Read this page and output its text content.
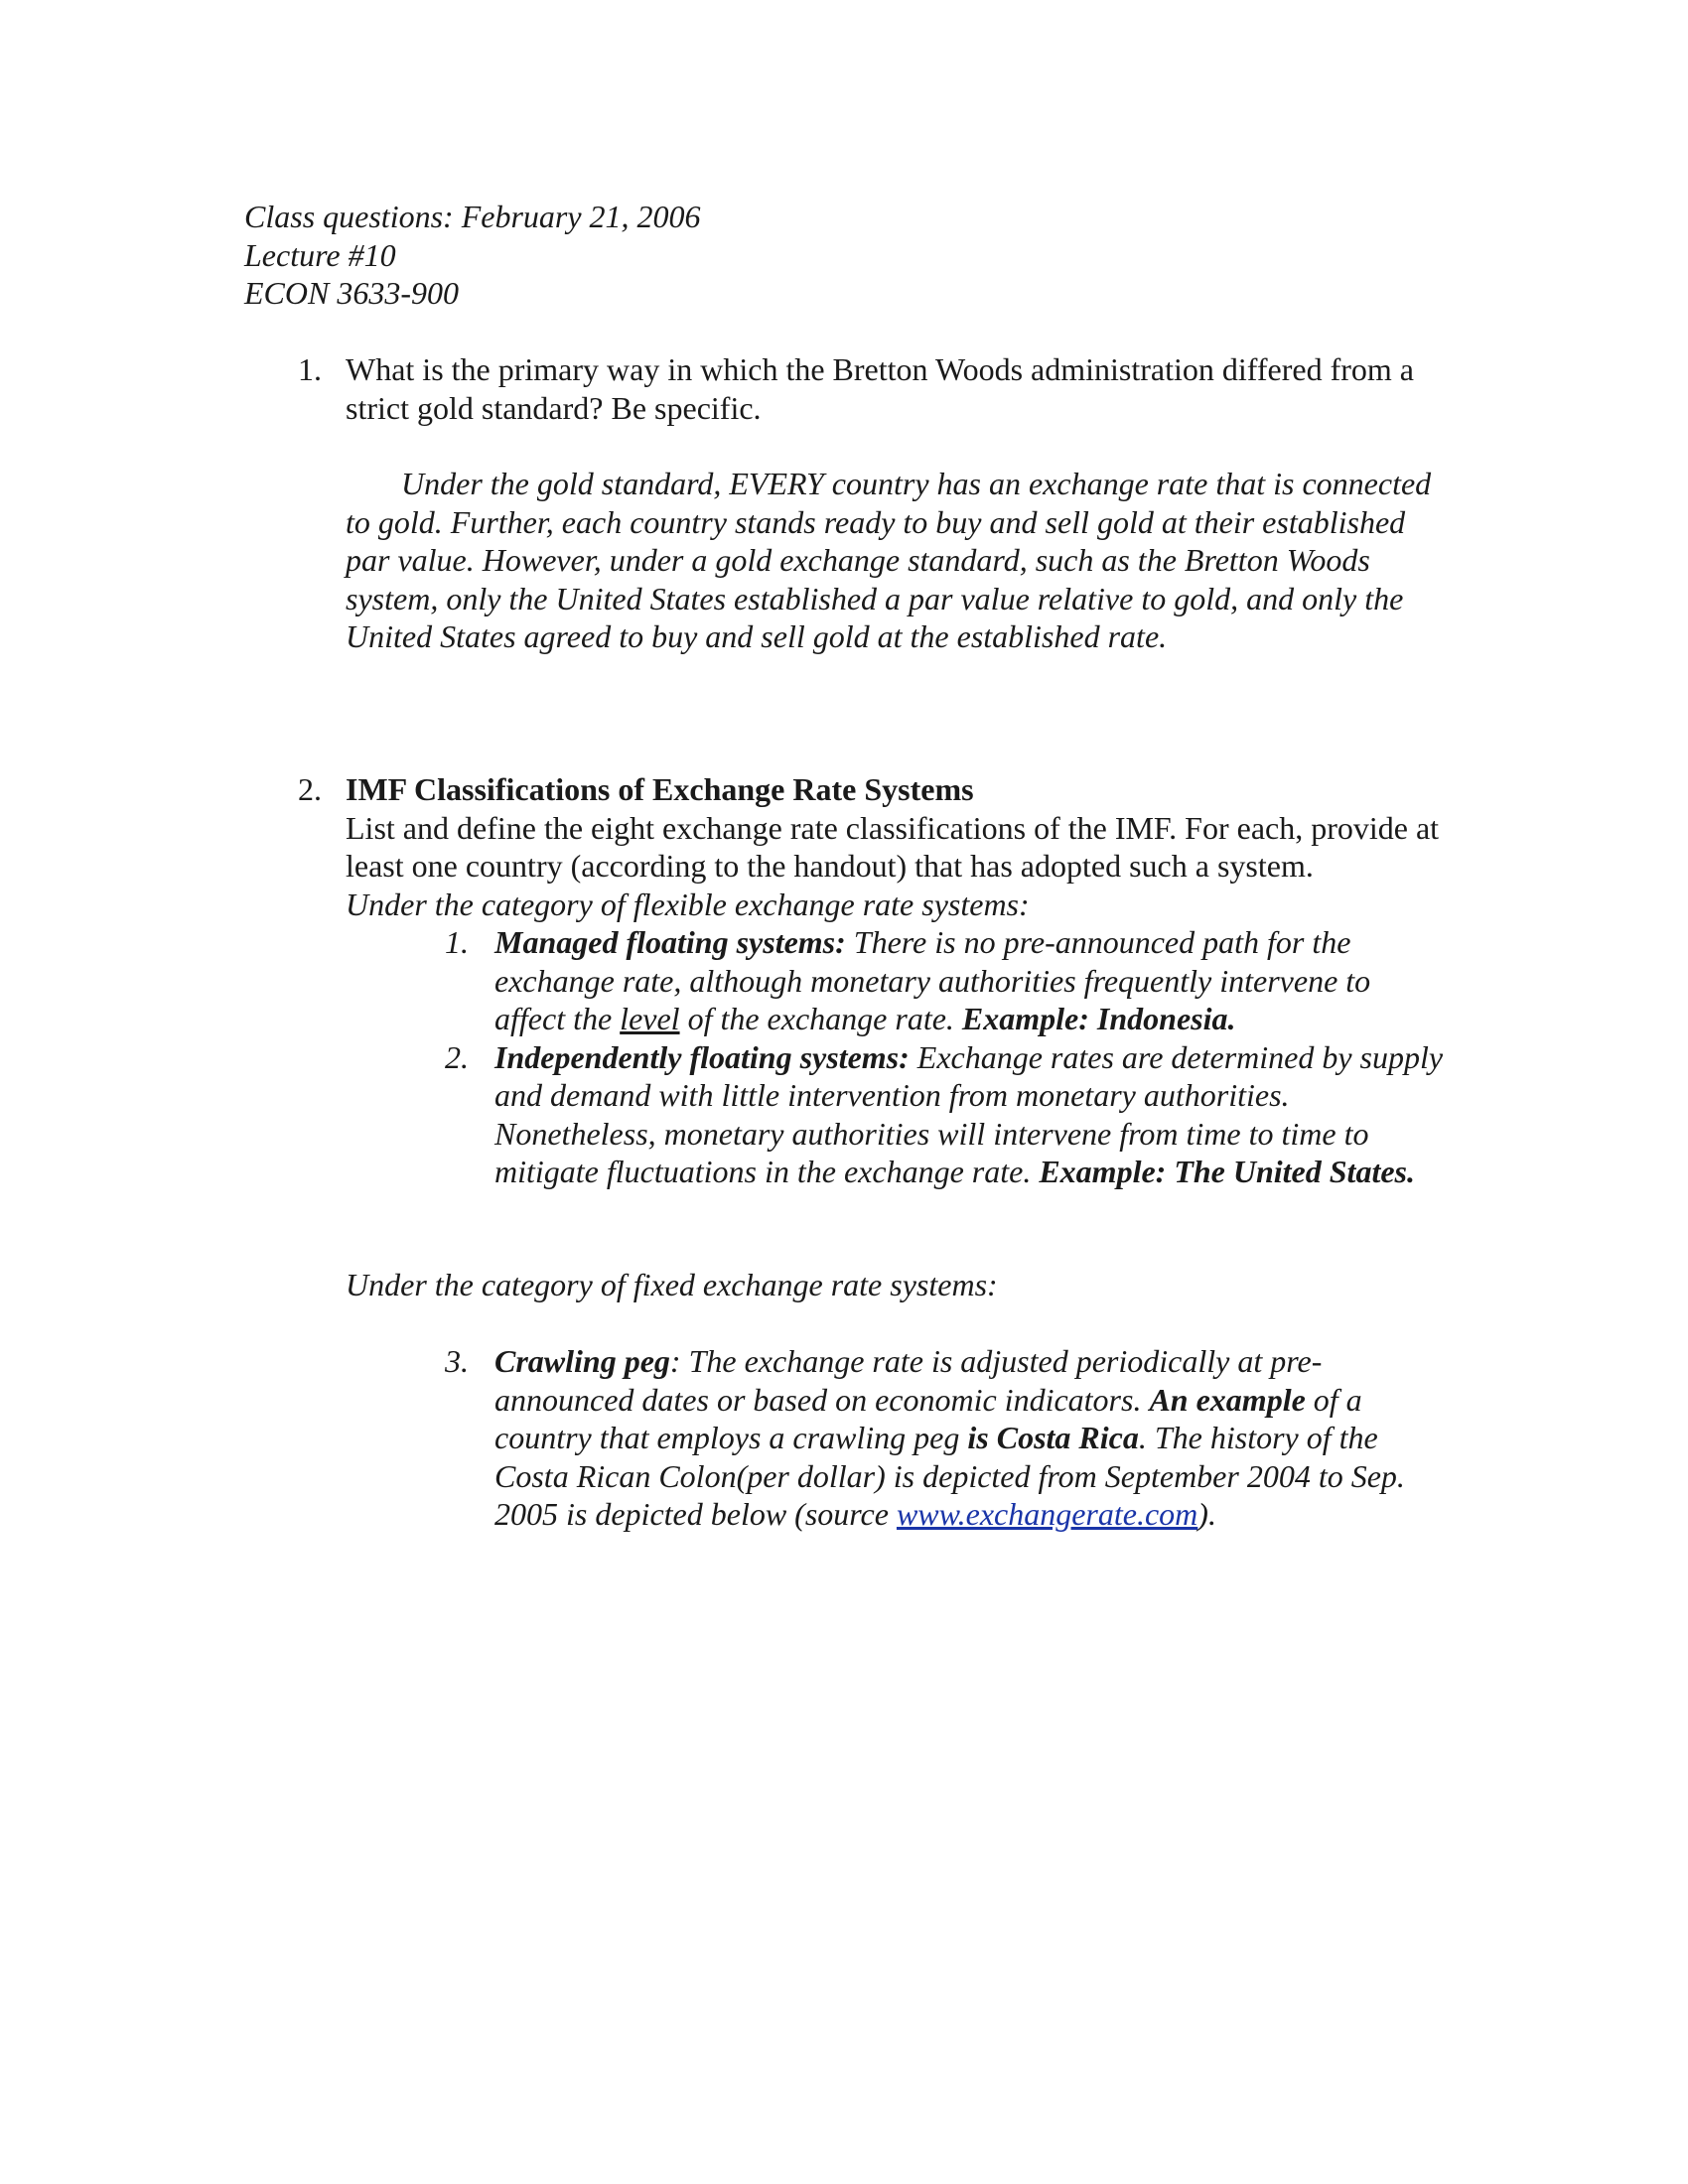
Class questions: February 21, 2006
Lecture #10
ECON 3633-900
1. What is the primary way in which the Bretton Woods administration differed from a strict gold standard? Be specific.
Under the gold standard, EVERY country has an exchange rate that is connected to gold. Further, each country stands ready to buy and sell gold at their established par value. However, under a gold exchange standard, such as the Bretton Woods system, only the United States established a par value relative to gold, and only the United States agreed to buy and sell gold at the established rate.
2. IMF Classifications of Exchange Rate Systems
List and define the eight exchange rate classifications of the IMF. For each, provide at least one country (according to the handout) that has adopted such a system.
Under the category of flexible exchange rate systems:
1. Managed floating systems: There is no pre-announced path for the exchange rate, although monetary authorities frequently intervene to affect the level of the exchange rate. Example: Indonesia.
2. Independently floating systems: Exchange rates are determined by supply and demand with little intervention from monetary authorities. Nonetheless, monetary authorities will intervene from time to time to mitigate fluctuations in the exchange rate. Example: The United States.
Under the category of fixed exchange rate systems:
3. Crawling peg: The exchange rate is adjusted periodically at pre-announced dates or based on economic indicators. An example of a country that employs a crawling peg is Costa Rica. The history of the Costa Rican Colon(per dollar) is depicted from September 2004 to Sep. 2005 is depicted below (source www.exchangerate.com).
